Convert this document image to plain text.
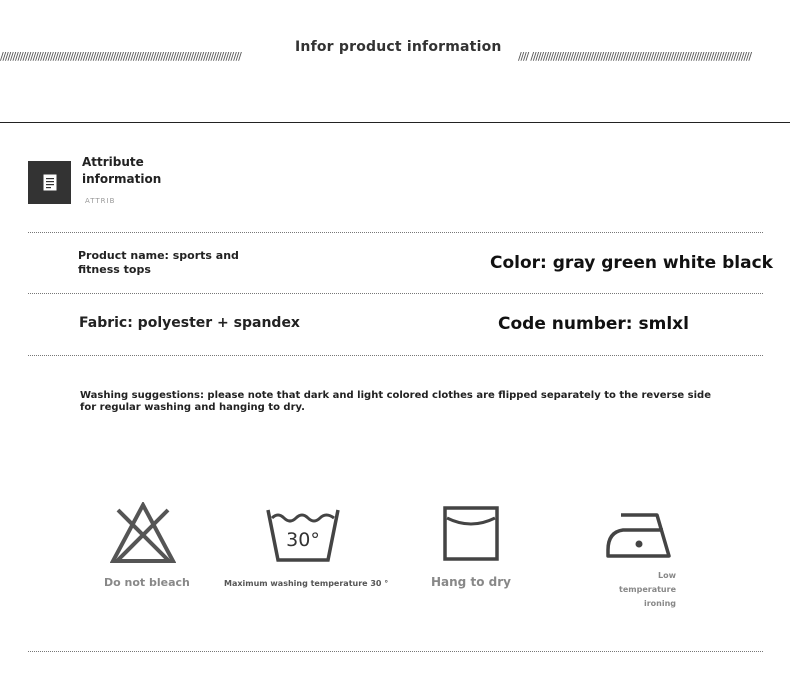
////////////////////////////////////////////////////////////////////////////////////////////////
Infor product information
//// ////////////////////////////////////////////////////////////////////////////////////////
Attribute
information
ATTRIB
Product name: sports and fitness tops	Color: gray green white black
Fabric: polyester + spandex	Code number: smlxl
Washing suggestions: please note that dark and light colored clothes are flipped separately to the reverse side for regular washing and hanging to dry.
Do not bleach
30°
Maximum washing temperature 30 °	Hang to dry	Low temperature ironing
